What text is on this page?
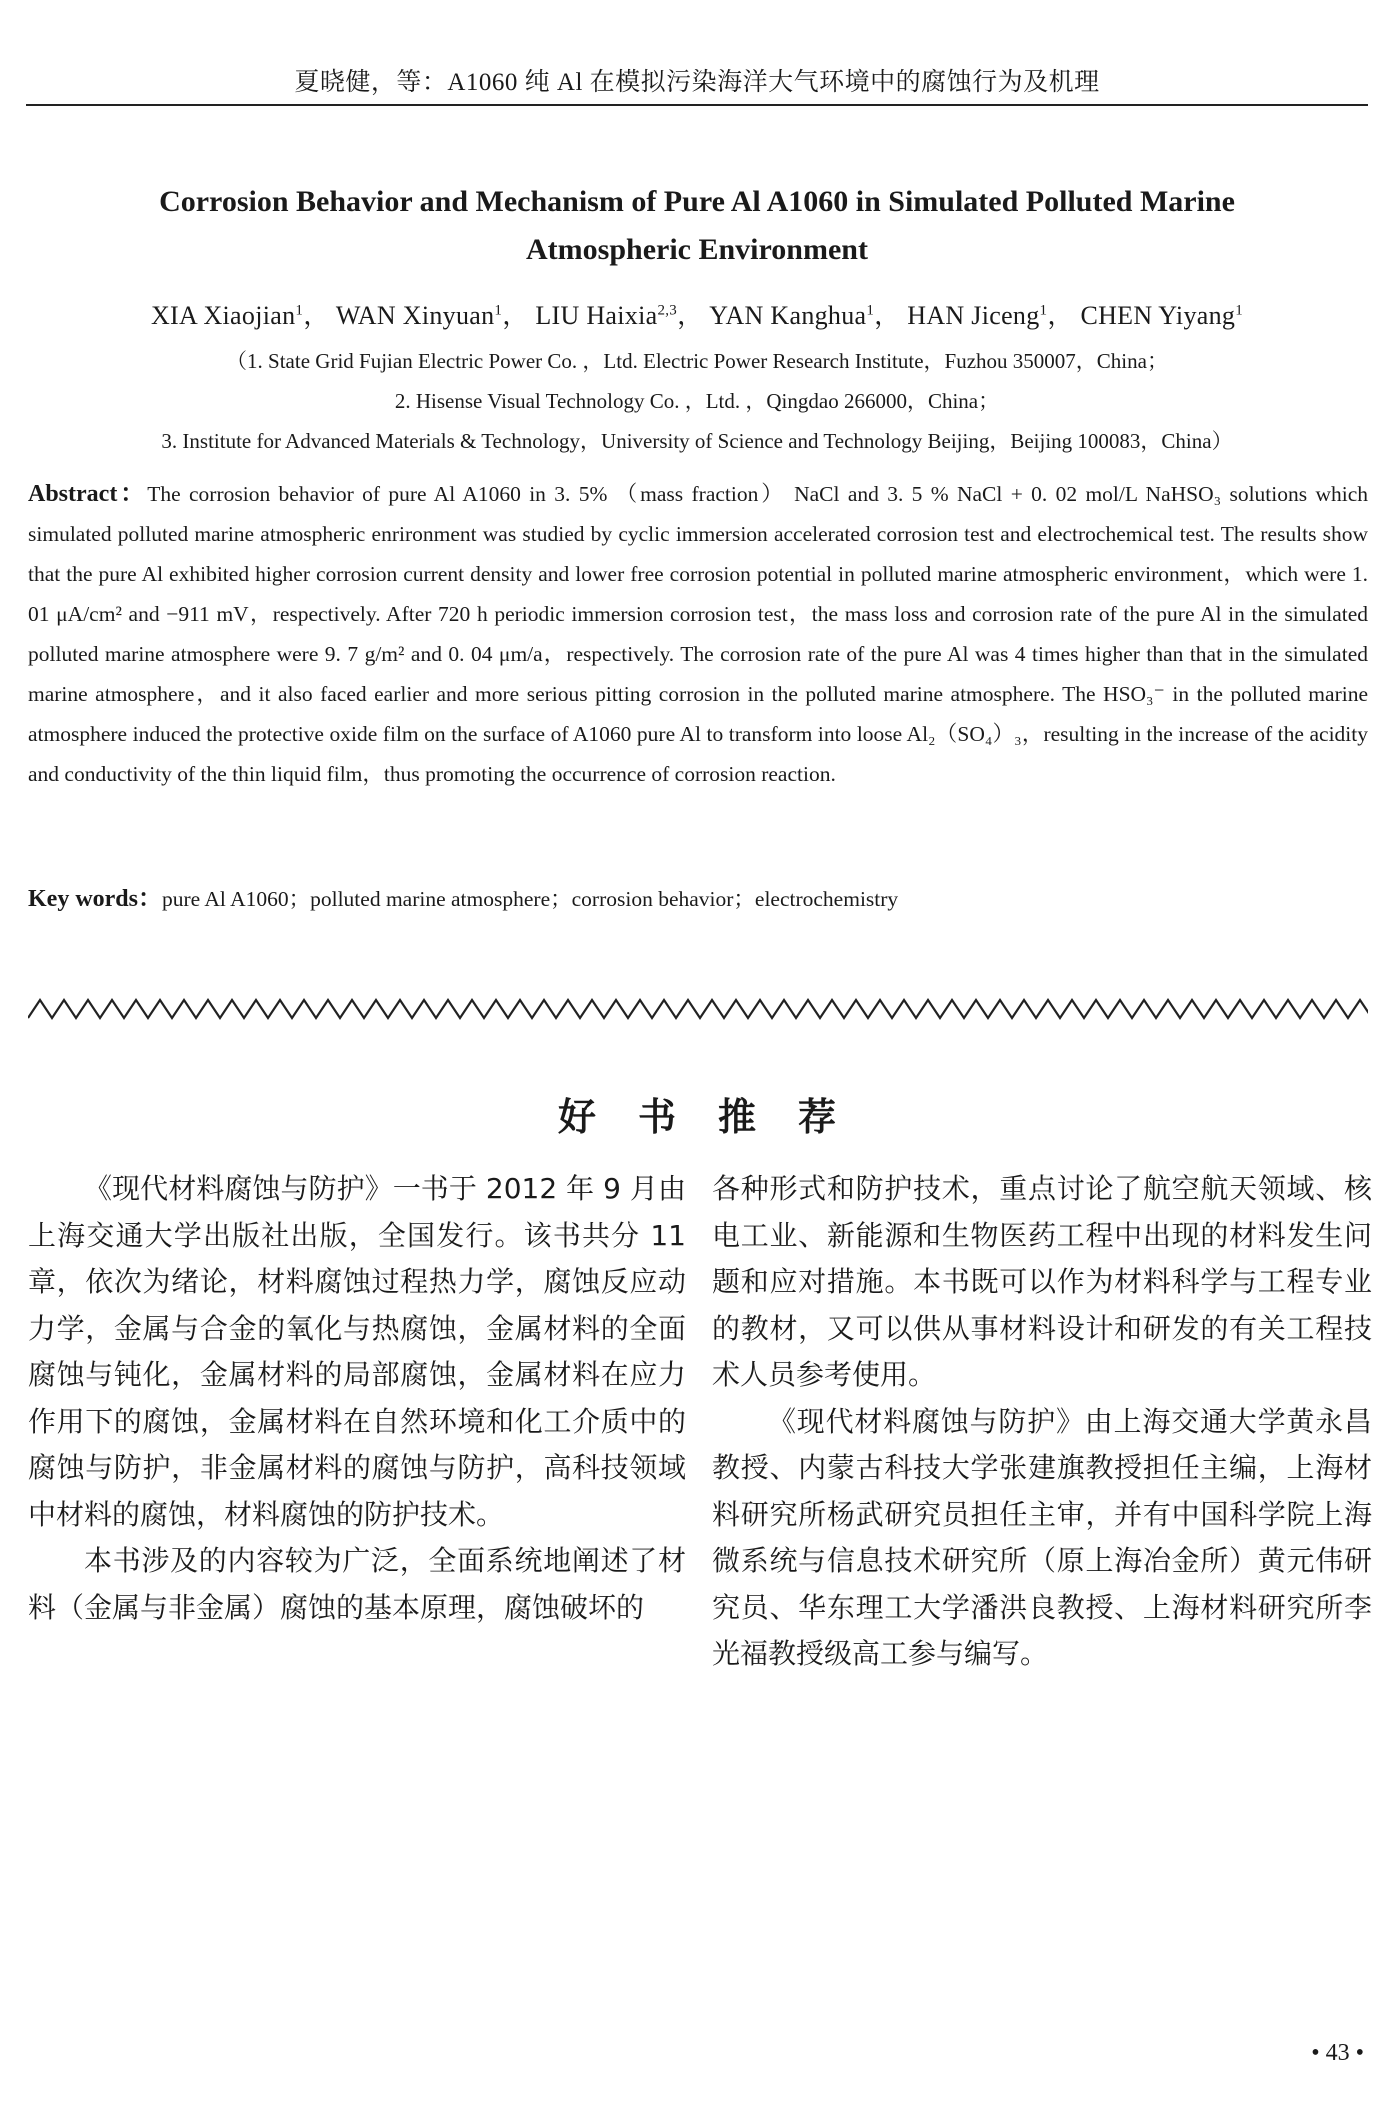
夏晓健，等：A1060 纯 Al 在模拟污染海洋大气环境中的腐蚀行为及机理
Corrosion Behavior and Mechanism of Pure Al A1060 in Simulated Polluted Marine
Atmospheric Environment
XIA Xiaojian$^1$， WAN Xinyuan$^1$， LIU Haixia$^{2,3}$， YAN Kanghua$^1$， HAN Jiceng$^1$， CHEN Yiyang$^1$
（1. State Grid Fujian Electric Power Co. ，Ltd. Electric Power Research Institute，Fuzhou 350007，China；
2. Hisense Visual Technology Co. ，Ltd. ，Qingdao 266000，China；
3. Institute for Advanced Materials & Technology，University of Science and Technology Beijing，Beijing 100083，China）
Abstract：The corrosion behavior of pure Al A1060 in 3. 5% （mass fraction） NaCl and 3. 5 % NaCl + 0. 02 mol/L NaHSO₃ solutions which simulated polluted marine atmospheric enrironment was studied by cyclic immersion accelerated corrosion test and electrochemical test. The results show that the pure Al exhibited higher corrosion current density and lower free corrosion potential in polluted marine atmospheric environment，which were 1. 01 μA/cm² and −911 mV，respectively. After 720 h periodic immersion corrosion test，the mass loss and corrosion rate of the pure Al in the simulated polluted marine atmosphere were 9. 7 g/m² and 0. 04 μm/a，respectively. The corrosion rate of the pure Al was 4 times higher than that in the simulated marine atmosphere，and it also faced earlier and more serious pitting corrosion in the polluted marine atmosphere. The HSO₃⁻ in the polluted marine atmosphere induced the protective oxide film on the surface of A1060 pure Al to transform into loose Al₂（SO₄）₃，resulting in the increase of the acidity and conductivity of the thin liquid film，thus promoting the occurrence of corrosion reaction.
Key words：pure Al A1060；polluted marine atmosphere；corrosion behavior；electrochemistry
好 书 推 荐

《现代材料腐蚀与防护》一书于 2012 年 9 月由上海交通大学出版社出版，全国发行。该书共分 11 章，依次为绪论，材料腐蚀过程热力学，腐蚀反应动力学，金属与合金的氧化与热腐蚀，金属材料的全面腐蚀与钝化，金属材料的局部腐蚀，金属材料在应力作用下的腐蚀，金属材料在自然环境和化工介质中的腐蚀与防护，非金属材料的腐蚀与防护，高科技领域中材料的腐蚀，材料腐蚀的防护技术。

本书涉及的内容较为广泛，全面系统地阐述了材料（金属与非金属）腐蚀的基本原理，腐蚀破坏的

各种形式和防护技术，重点讨论了航空航天领域、核电工业、新能源和生物医药工程中出现的材料发生问题和应对措施。本书既可以作为材料科学与工程专业的教材，又可以供从事材料设计和研发的有关工程技术人员参考使用。

《现代材料腐蚀与防护》由上海交通大学黄永昌教授、内蒙古科技大学张建旗教授担任主编，上海材料研究所杨武研究员担任主审，并有中国科学院上海微系统与信息技术研究所（原上海冶金所）黄元伟研究员、华东理工大学潘洪良教授、上海材料研究所李光福教授级高工参与编写。

• 43 •
